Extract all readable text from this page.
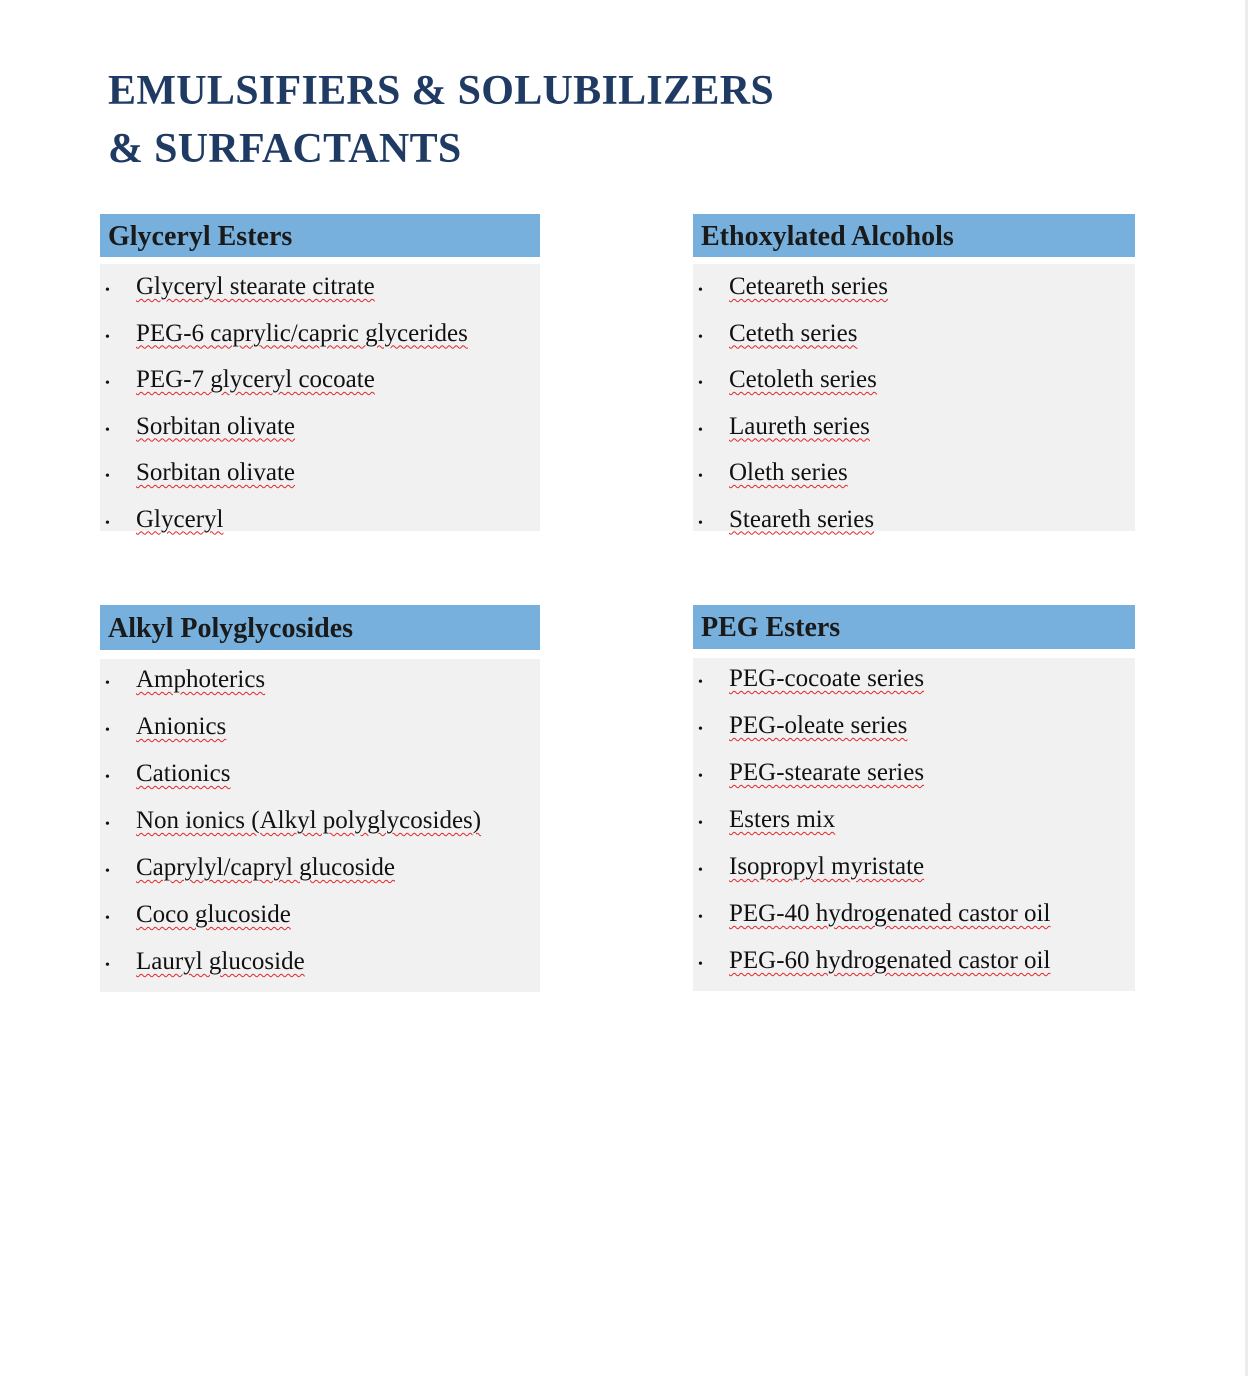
EMULSIFIERS & SOLUBILIZERS
& SURFACTANTS
Glyceryl Esters
• Glyceryl stearate citrate
• PEG-6 caprylic/capric glycerides
• PEG-7 glyceryl cocoate
• Sorbitan olivate
• Sorbitan olivate
• Glyceryl
Ethoxylated Alcohols
• Ceteareth series
• Ceteth series
• Cetoleth series
• Laureth series
• Oleth series
• Steareth series
Alkyl Polyglycosides
• Amphoterics
• Anionics
• Cationics
• Non ionics (Alkyl polyglycosides)
• Caprylyl/capryl glucoside
• Coco glucoside
• Lauryl glucoside
PEG Esters
• PEG-cocoate series
• PEG-oleate series
• PEG-stearate series
• Esters mix
• Isopropyl myristate
• PEG-40 hydrogenated castor oil
• PEG-60 hydrogenated castor oil
